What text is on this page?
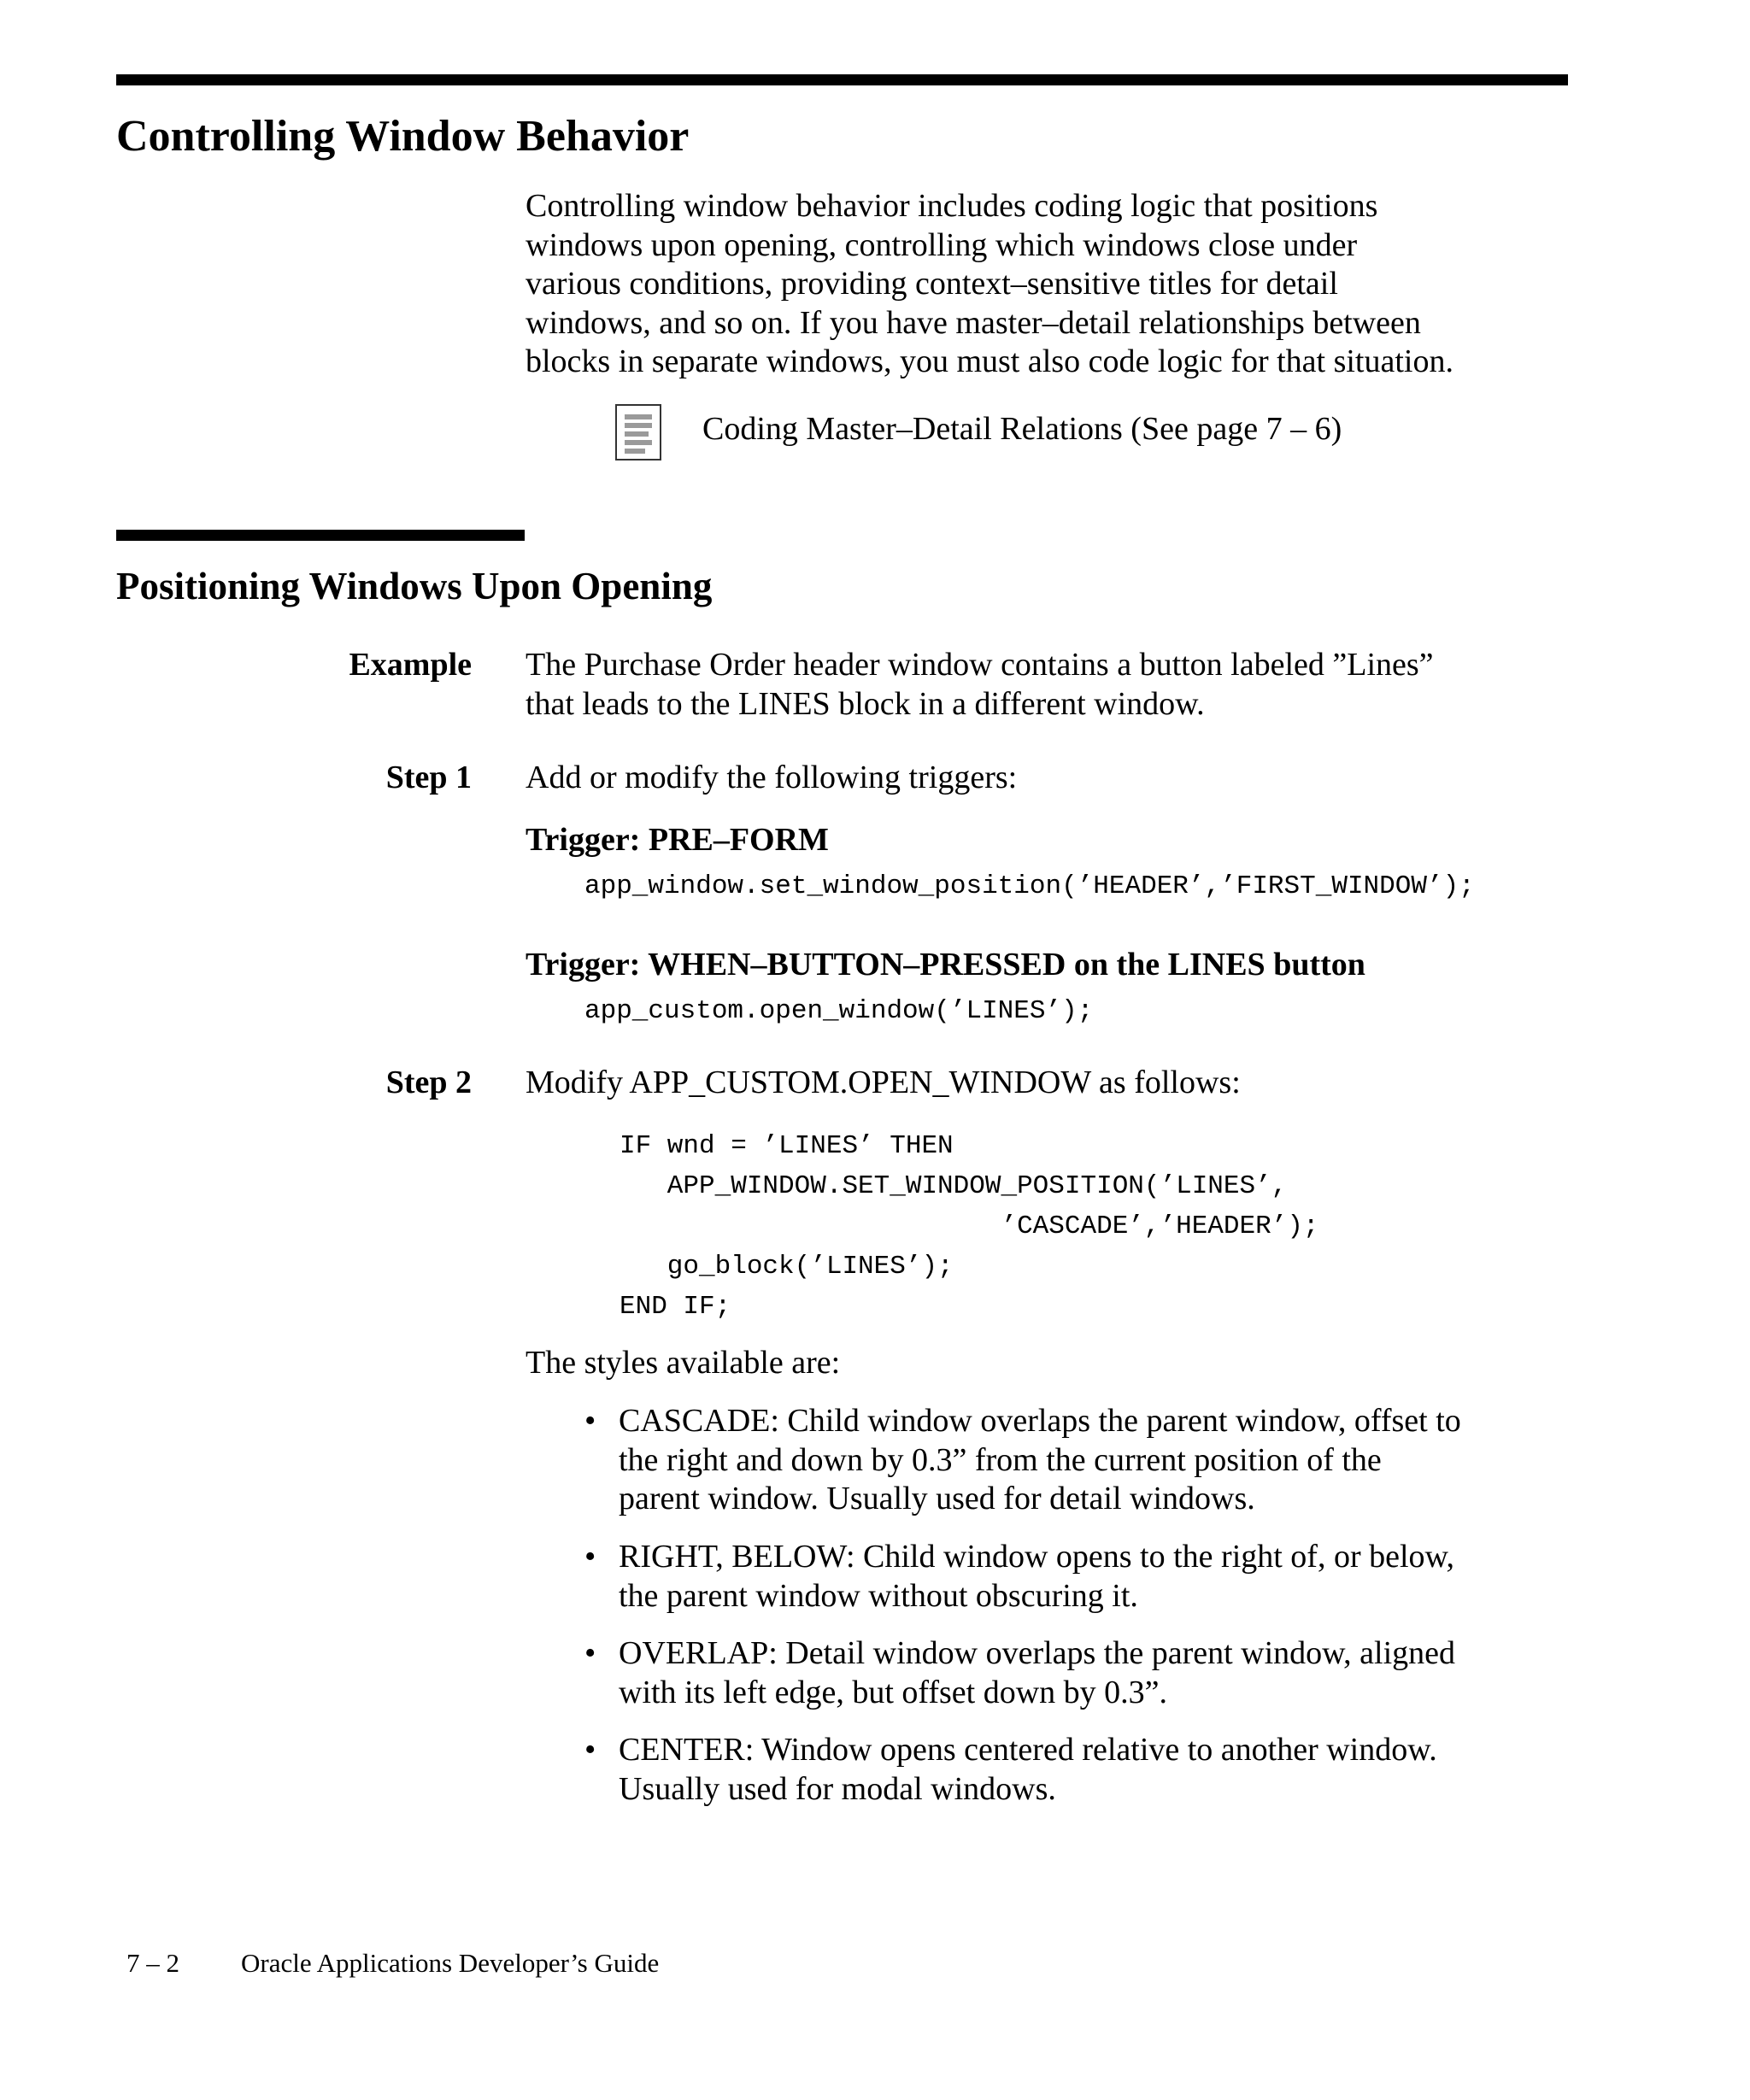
Controlling Window Behavior
Controlling window behavior includes coding logic that positions
windows upon opening, controlling which windows close under
various conditions, providing context–sensitive titles for detail
windows, and so on. If you have master–detail relationships between
blocks in separate windows, you must also code logic for that situation.
Coding Master–Detail Relations (See page 7 – 6)
Positioning Windows Upon Opening
Example The Purchase Order header window contains a button labeled ”Lines”
that leads to the LINES block in a different window.
Step 1 Add or modify the following triggers:
Trigger: PRE–FORM
app_window.set_window_position(’HEADER’,’FIRST_WINDOW’);
Trigger: WHEN–BUTTON–PRESSED on the LINES button
app_custom.open_window(’LINES’);
Step 2 Modify APP_CUSTOM.OPEN_WINDOW as follows:
IF wnd = ’LINES’ THEN
APP_WINDOW.SET_WINDOW_POSITION(’LINES’,
’CASCADE’,’HEADER’);
go_block(’LINES’);
END IF;
The styles available are:
• CASCADE: Child window overlaps the parent window, offset to
the right and down by 0.3” from the current position of the
parent window. Usually used for detail windows.
• RIGHT, BELOW: Child window opens to the right of, or below,
the parent window without obscuring it.
• OVERLAP: Detail window overlaps the parent window, aligned
with its left edge, but offset down by 0.3”.
• CENTER: Window opens centered relative to another window.
Usually used for modal windows.
7 – 2 Oracle Applications Developer’s Guide
